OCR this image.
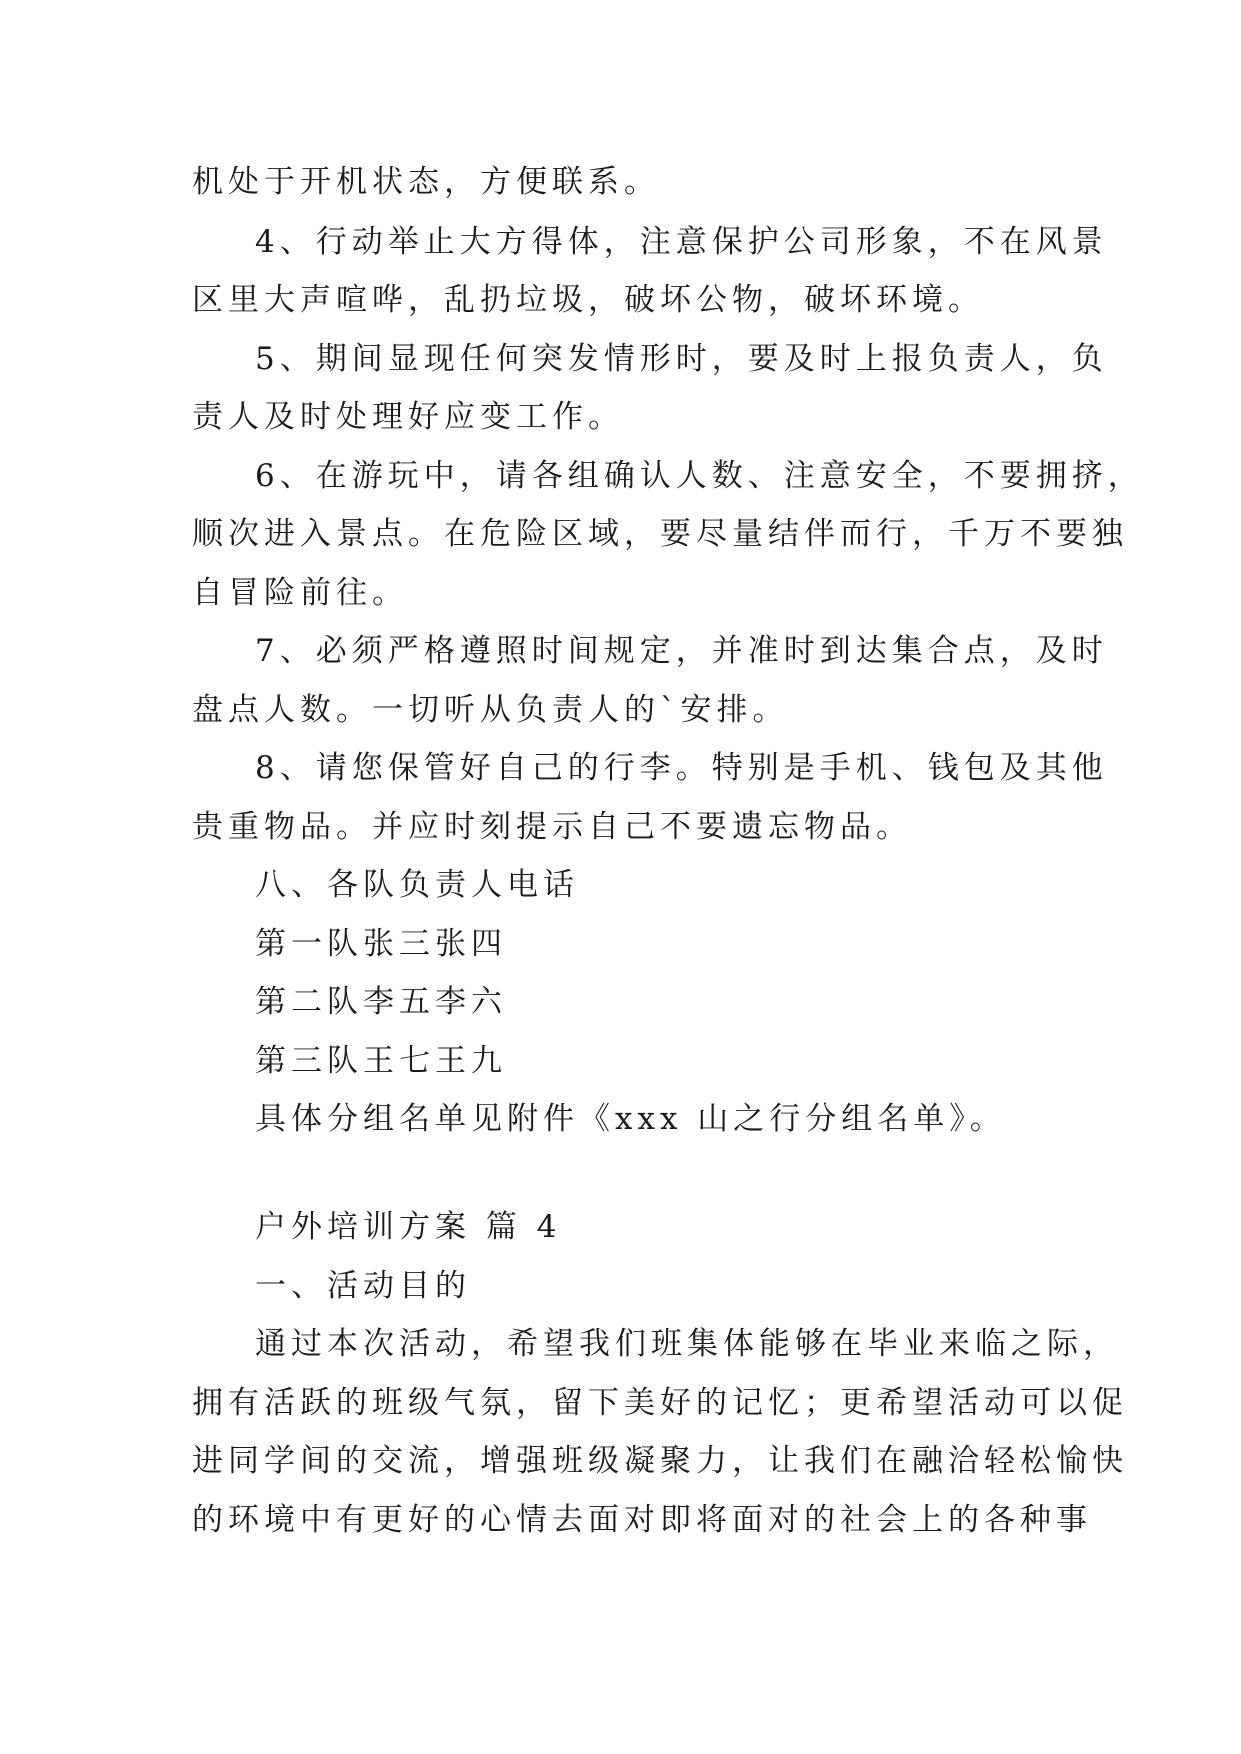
机处于开机状态，方便联系。
4、行动举止大方得体，注意保护公司形象，不在风景
区里大声喧哗，乱扔垃圾，破坏公物，破坏环境。
5、期间显现任何突发情形时，要及时上报负责人，负
责人及时处理好应变工作。
6、在游玩中，请各组确认人数、注意安全，不要拥挤，
顺次进入景点。在危险区域，要尽量结伴而行，千万不要独
自冒险前往。
7、必须严格遵照时间规定，并准时到达集合点，及时
盘点人数。一切听从负责人的`安排。
8、请您保管好自己的行李。特别是手机、钱包及其他
贵重物品。并应时刻提示自己不要遗忘物品。
八、各队负责人电话
第一队张三张四
第二队李五李六
第三队王七王九
具体分组名单见附件《xxx 山之行分组名单》。
户外培训方案 篇 4
一、活动目的
通过本次活动，希望我们班集体能够在毕业来临之际，
拥有活跃的班级气氛，留下美好的记忆；更希望活动可以促
进同学间的交流，增强班级凝聚力，让我们在融洽轻松愉快
的环境中有更好的心情去面对即将面对的社会上的各种事
